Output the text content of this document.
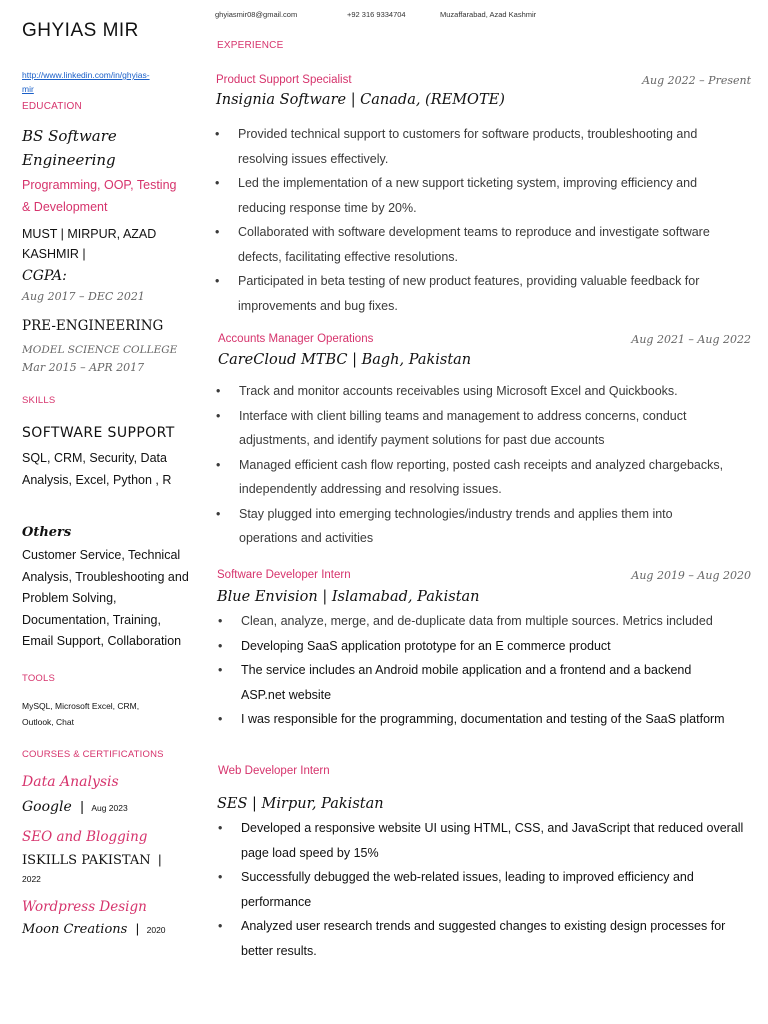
GHYIAS MIR
ghyiasmir08@gmail.com	+92 316 9334704	Muzaffarabad, Azad Kashmir
http://www.linkedin.com/in/ghyias-
mir
EDUCATION
BS Software
Engineering
Programming, OOP, Testing
& Development
MUST | MIRPUR, AZAD
KASHMIR |
CGPA:
Aug 2017 – DEC 2021
PRE-ENGINEERING
MODEL SCIENCE COLLEGE
Mar 2015 – APR 2017
SKILLS
SOFTWARE SUPPORT
SQL, CRM, Security, Data
Analysis, Excel, Python , R
Others
Customer Service, Technical
Analysis, Troubleshooting and
Problem Solving,
Documentation, Training,
Email Support, Collaboration
TOOLS
MySQL, Microsoft Excel, CRM,
Outlook, Chat
COURSES & CERTIFICATIONS
Data Analysis
Google | Aug 2023
SEO and Blogging
ISKILLS PAKISTAN |
2022
Wordpress Design
Moon Creations | 2020
EXPERIENCE
Product Support Specialist	Aug 2022 – Present
Insignia Software | Canada, (REMOTE)
• Provided technical support to customers for software products, troubleshooting and
resolving issues effectively.
• Led the implementation of a new support ticketing system, improving efficiency and
reducing response time by 20%.
• Collaborated with software development teams to reproduce and investigate software
defects, facilitating effective resolutions.
• Participated in beta testing of new product features, providing valuable feedback for
improvements and bug fixes.
Accounts Manager Operations	Aug 2021 – Aug 2022
CareCloud MTBC | Bagh, Pakistan
• Track and monitor accounts receivables using Microsoft Excel and Quickbooks.
• Interface with client billing teams and management to address concerns, conduct
adjustments, and identify payment solutions for past due accounts
• Managed efficient cash flow reporting, posted cash receipts and analyzed chargebacks,
independently addressing and resolving issues.
• Stay plugged into emerging technologies/industry trends and applies them into
operations and activities
Software Developer Intern	Aug 2019 – Aug 2020
Blue Envision | Islamabad, Pakistan
• Clean, analyze, merge, and de-duplicate data from multiple sources. Metrics included
• Developing SaaS application prototype for an E commerce product
• The service includes an Android mobile application and a frontend and a backend
ASP.net website
• I was responsible for the programming, documentation and testing of the SaaS platform
Web Developer Intern
SES | Mirpur, Pakistan
• Developed a responsive website UI using HTML, CSS, and JavaScript that reduced overall
page load speed by 15%
• Successfully debugged the web-related issues, leading to improved efficiency and
performance
• Analyzed user research trends and suggested changes to existing design processes for
better results.
